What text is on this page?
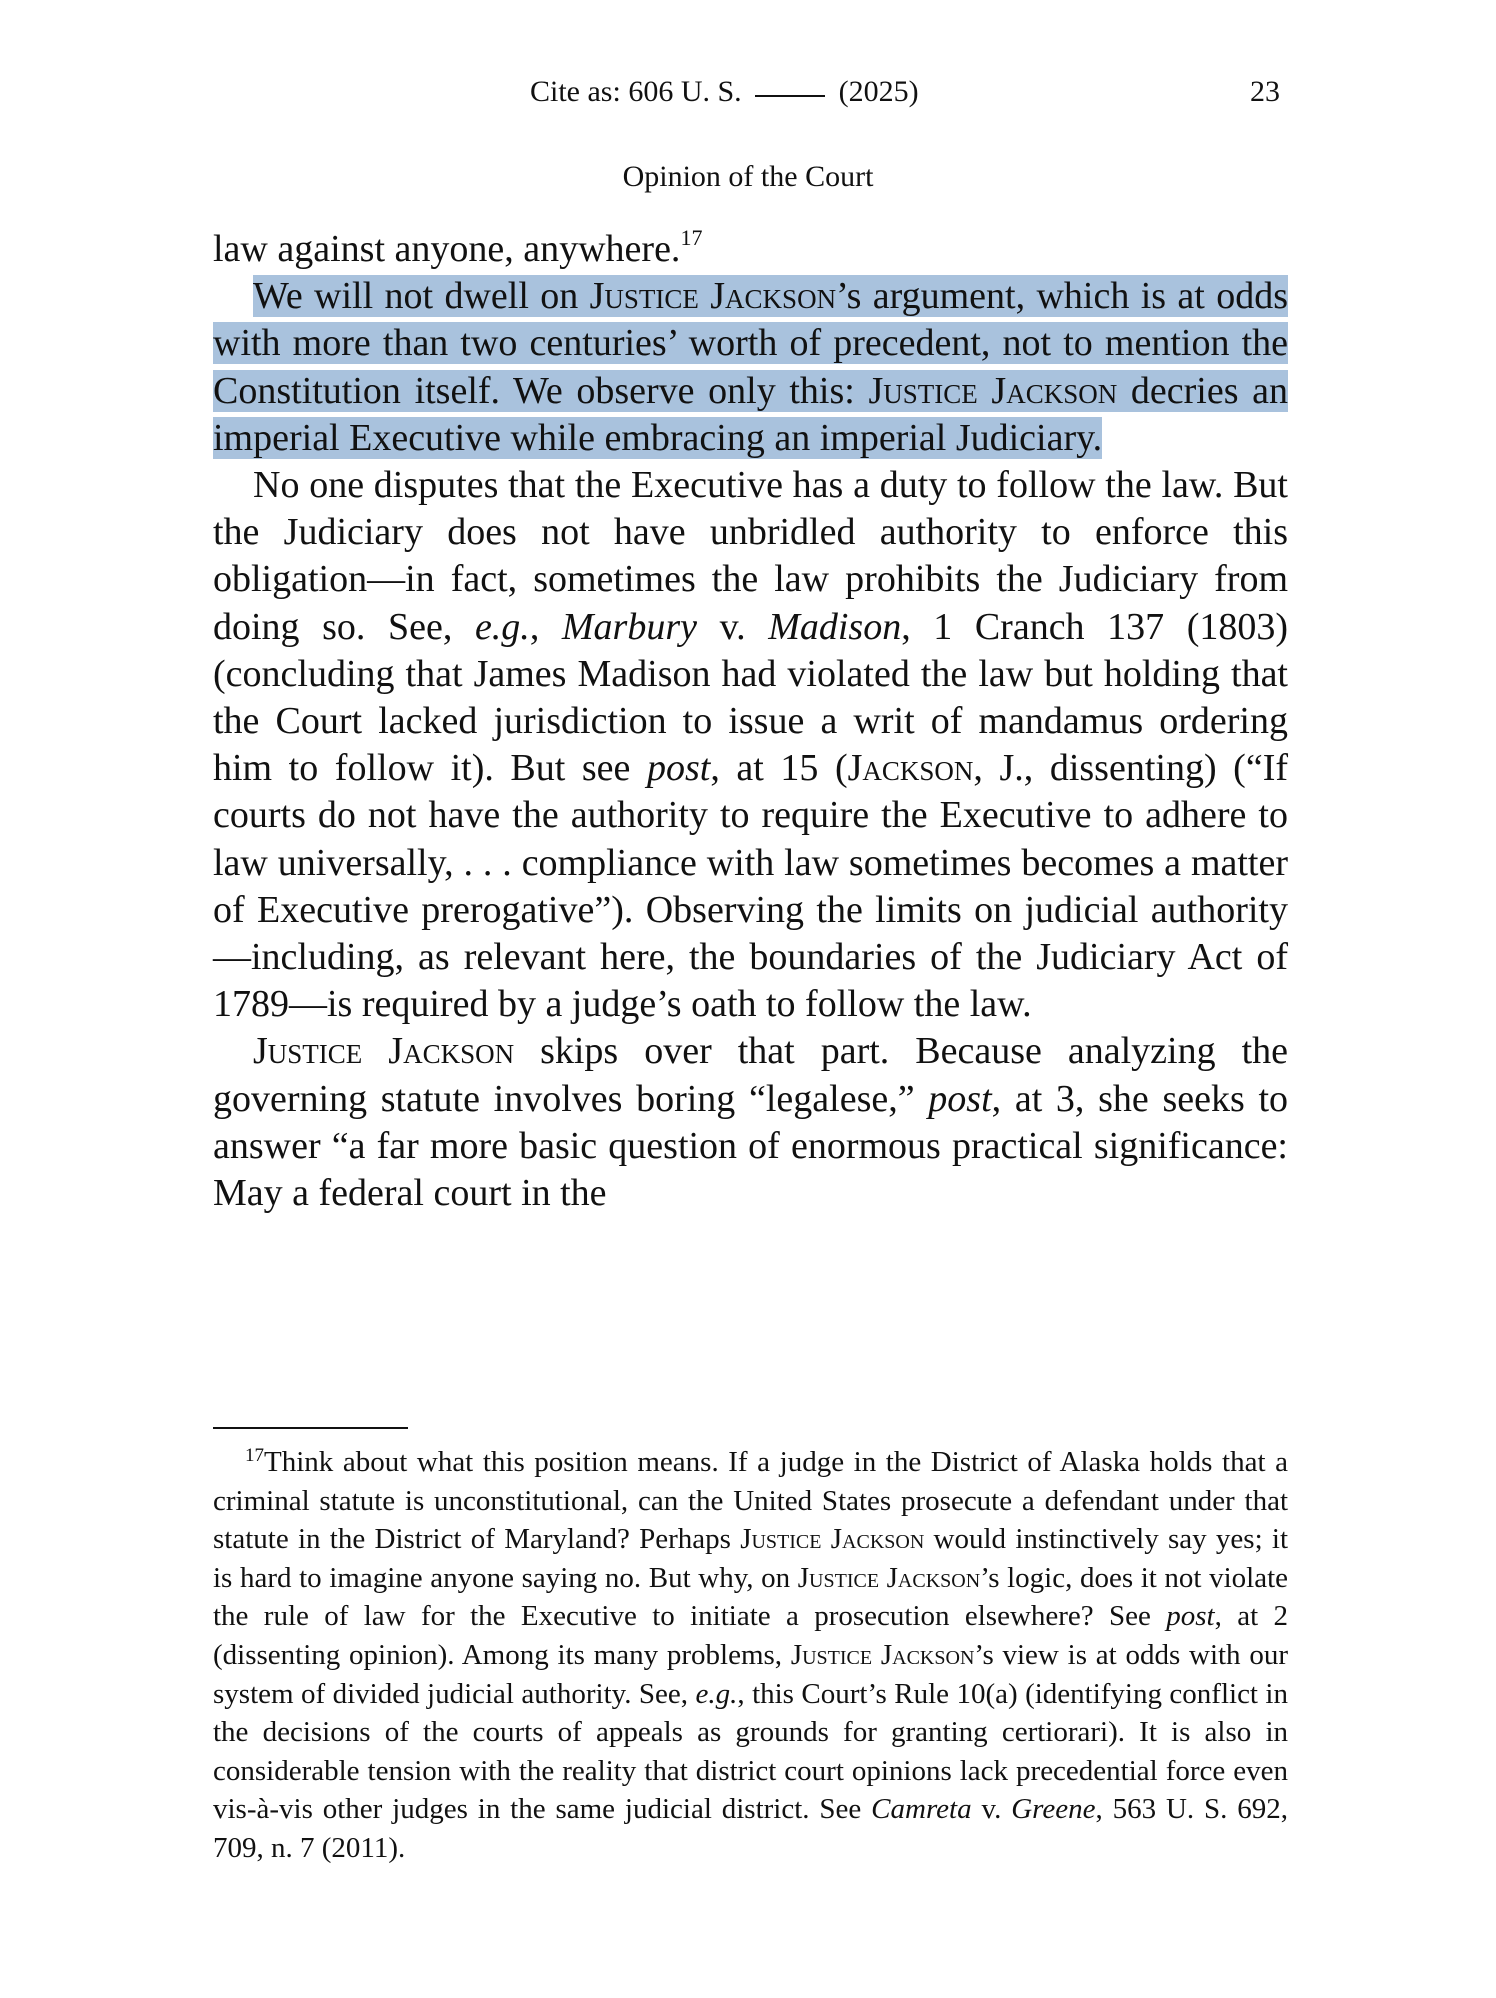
Cite as: 606 U. S.	(2025)	23
Opinion of the Court

law against anyone, anywhere.$^{17}$

We will not dwell on Justice Jackson’s argument, which is at odds with more than two centuries’ worth of precedent, not to mention the Constitution itself. We observe only this: Justice Jackson decries an imperial Executive while embracing an imperial Judiciary.

No one disputes that the Executive has a duty to follow the law. But the Judiciary does not have unbridled authority to enforce this obligation—in fact, sometimes the law prohibits the Judiciary from doing so. See, e.g., Marbury v. Madison, 1 Cranch 137 (1803) (concluding that James Madison had violated the law but holding that the Court lacked jurisdiction to issue a writ of mandamus ordering him to follow it). But see post, at 15 (Jackson, J., dissenting) (“If courts do not have the authority to require the Executive to adhere to law universally, . . . compliance with law sometimes becomes a matter of Executive prerogative”). Observing the limits on judicial authority—including, as relevant here, the boundaries of the Judiciary Act of 1789—is required by a judge’s oath to follow the law.

Justice Jackson skips over that part. Because analyzing the governing statute involves boring “legalese,” post, at 3, she seeks to answer “a far more basic question of enormous practical significance: May a federal court in the

$^{17}$Think about what this position means. If a judge in the District of Alaska holds that a criminal statute is unconstitutional, can the United States prosecute a defendant under that statute in the District of Maryland? Perhaps Justice Jackson would instinctively say yes; it is hard to imagine anyone saying no. But why, on Justice Jackson’s logic, does it not violate the rule of law for the Executive to initiate a prosecution elsewhere? See post, at 2 (dissenting opinion). Among its many problems, Justice Jackson’s view is at odds with our system of divided judicial authority. See, e.g., this Court’s Rule 10(a) (identifying conflict in the decisions of the courts of appeals as grounds for granting certiorari). It is also in considerable tension with the reality that district court opinions lack precedential force even vis-à-vis other judges in the same judicial district. See Camreta v. Greene, 563 U. S. 692, 709, n. 7 (2011).
